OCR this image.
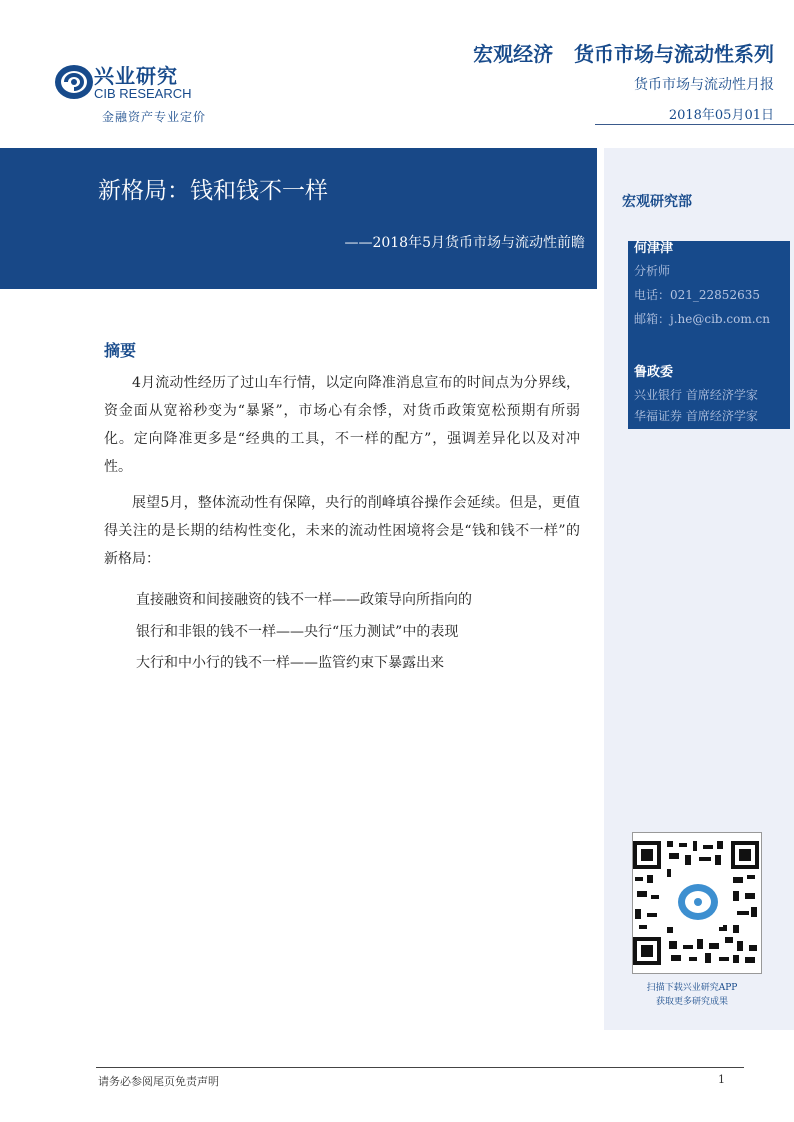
兴业研究
CIB RESEARCH
金融资产专业定价
宏观经济   货币市场与流动性系列
货币市场与流动性月报
2018年05月01日
新格局：钱和钱不一样
——2018年5月货币市场与流动性前瞻
宏观研究部
何津津
分析师
电话：021_22852635
邮箱：j.he@cib.com.cn
鲁政委
兴业银行 首席经济学家
华福证券 首席经济学家
扫描下载兴业研究APP
获取更多研究成果
摘要

4月流动性经历了过山车行情，以定向降准消息宣布的时间点为分界线，资金面从宽裕秒变为“暴紧”，市场心有余悸，对货币政策宽松预期有所弱化。定向降准更多是“经典的工具，不一样的配方”，强调差异化以及对冲性。

展望5月，整体流动性有保障，央行的削峰填谷操作会延续。但是，更值得关注的是长期的结构性变化，未来的流动性困境将会是“钱和钱不一样”的新格局：

直接融资和间接融资的钱不一样——政策导向所指向的
银行和非银的钱不一样——央行“压力测试”中的表现
大行和中小行的钱不一样——监管约束下暴露出来
请务必参阅尾页免责声明	1
